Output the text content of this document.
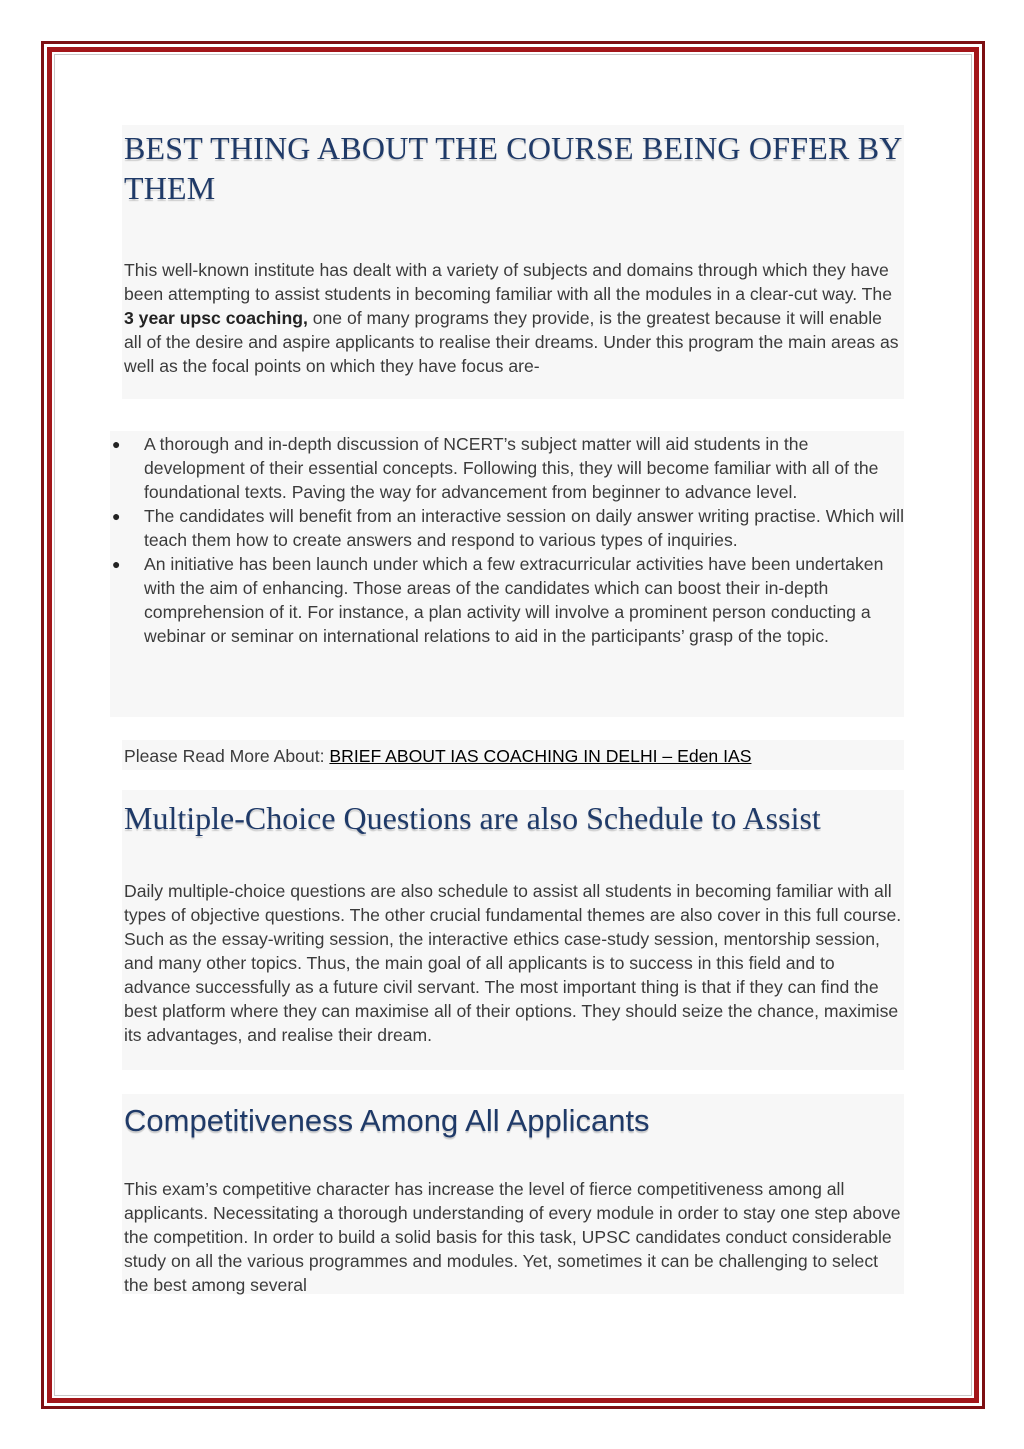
BEST THING ABOUT THE COURSE BEING OFFER BY THEM

This well-known institute has dealt with a variety of subjects and domains through which they have been attempting to assist students in becoming familiar with all the modules in a clear-cut way. The 3 year upsc coaching, one of many programs they provide, is the greatest because it will enable all of the desire and aspire applicants to realise their dreams. Under this program the main areas as well as the focal points on which they have focus are-

● A thorough and in-depth discussion of NCERT’s subject matter will aid students in the development of their essential concepts. Following this, they will become familiar with all of the foundational texts. Paving the way for advancement from beginner to advance level.
● The candidates will benefit from an interactive session on daily answer writing practise. Which will teach them how to create answers and respond to various types of inquiries.
● An initiative has been launch under which a few extracurricular activities have been undertaken with the aim of enhancing. Those areas of the candidates which can boost their in-depth comprehension of it. For instance, a plan activity will involve a prominent person conducting a webinar or seminar on international relations to aid in the participants’ grasp of the topic.

Please Read More About: BRIEF ABOUT IAS COACHING IN DELHI – Eden IAS

Multiple-Choice Questions are also Schedule to Assist

Daily multiple-choice questions are also schedule to assist all students in becoming familiar with all types of objective questions. The other crucial fundamental themes are also cover in this full course. Such as the essay-writing session, the interactive ethics case-study session, mentorship session, and many other topics. Thus, the main goal of all applicants is to success in this field and to advance successfully as a future civil servant. The most important thing is that if they can find the best platform where they can maximise all of their options. They should seize the chance, maximise its advantages, and realise their dream.

Competitiveness Among All Applicants

This exam’s competitive character has increase the level of fierce competitiveness among all applicants. Necessitating a thorough understanding of every module in order to stay one step above the competition. In order to build a solid basis for this task, UPSC candidates conduct considerable study on all the various programmes and modules. Yet, sometimes it can be challenging to select the best among several
